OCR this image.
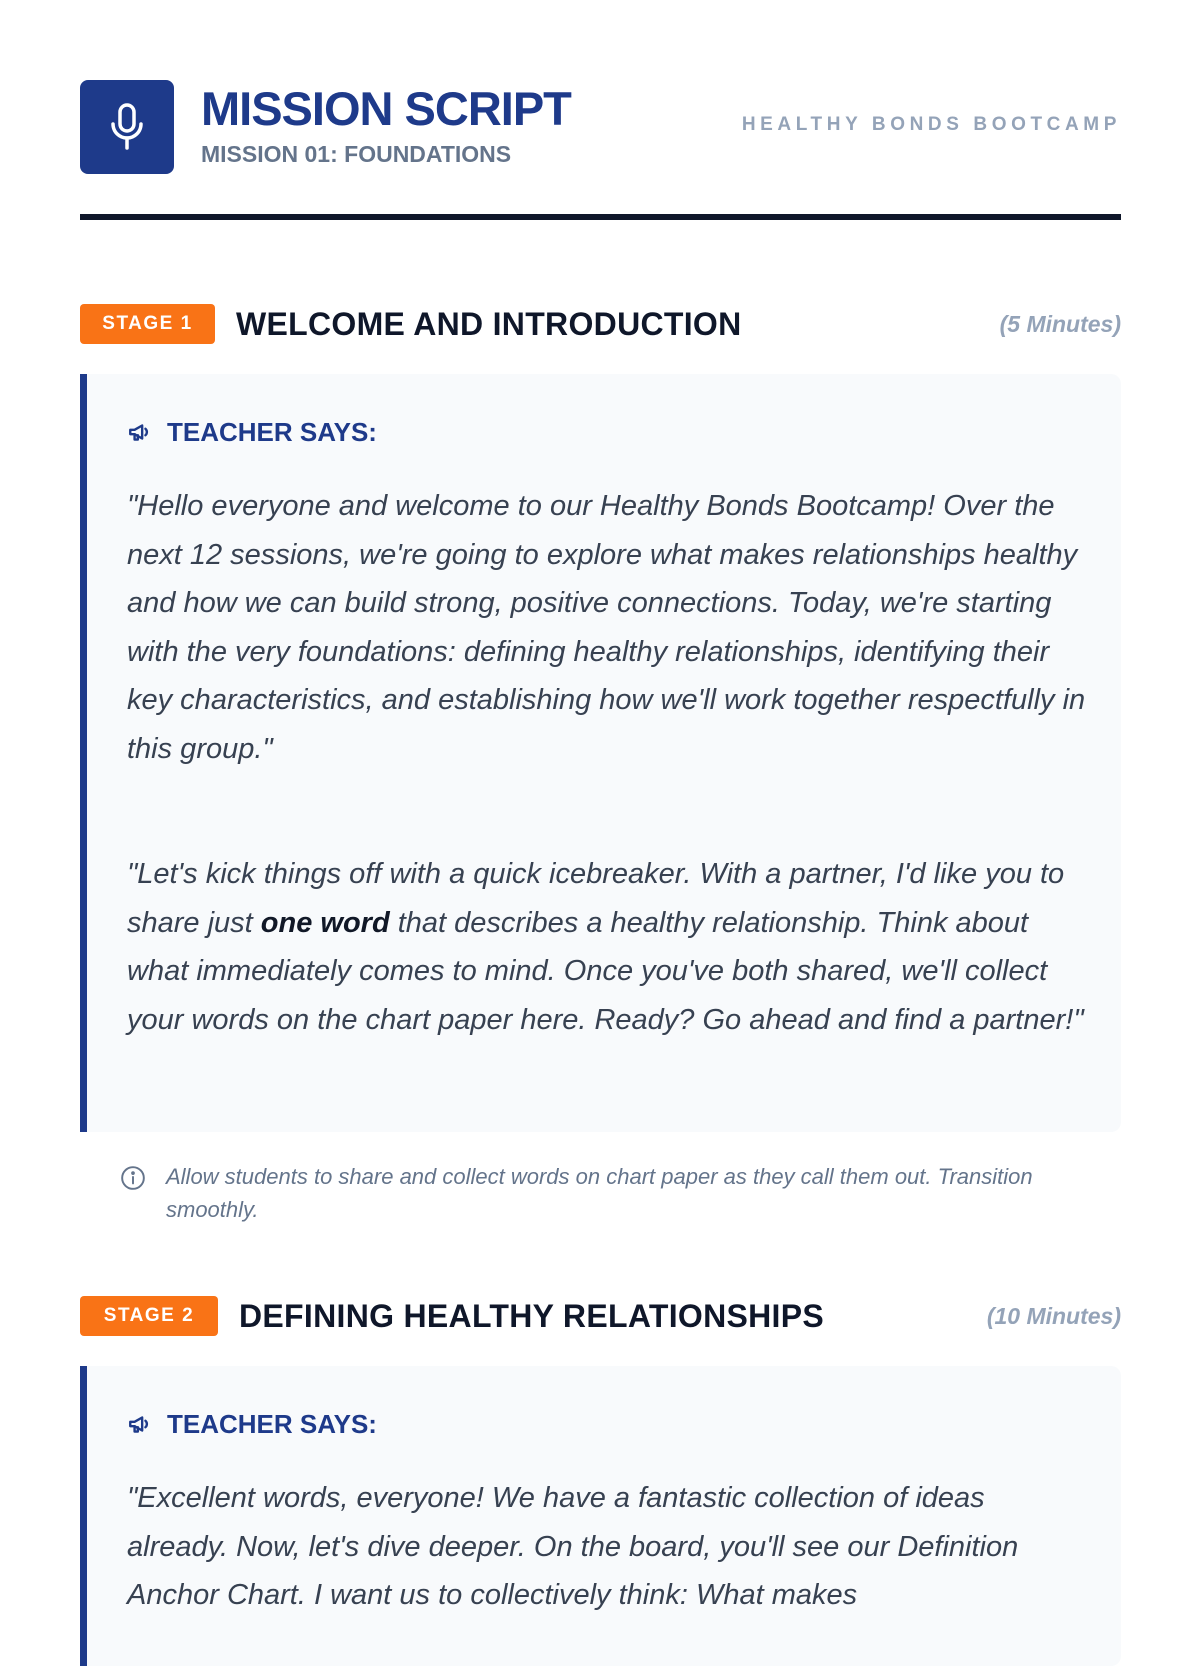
MISSION SCRIPT
MISSION 01: FOUNDATIONS
HEALTHY BONDS BOOTCAMP
STAGE 1	WELCOME AND INTRODUCTION	(5 Minutes)
TEACHER SAYS:

"Hello everyone and welcome to our Healthy Bonds Bootcamp! Over the next 12 sessions, we're going to explore what makes relationships healthy and how we can build strong, positive connections. Today, we're starting with the very foundations: defining healthy relationships, identifying their key characteristics, and establishing how we'll work together respectfully in this group."

"Let's kick things off with a quick icebreaker. With a partner, I'd like you to share just one word that describes a healthy relationship. Think about what immediately comes to mind. Once you've both shared, we'll collect your words on the chart paper here. Ready? Go ahead and find a partner!"

Allow students to share and collect words on chart paper as they call them out. Transition smoothly.
STAGE 2	DEFINING HEALTHY RELATIONSHIPS	(10 Minutes)
TEACHER SAYS:

"Excellent words, everyone! We have a fantastic collection of ideas already. Now, let's dive deeper. On the board, you'll see our Definition Anchor Chart. I want us to collectively think: What makes
